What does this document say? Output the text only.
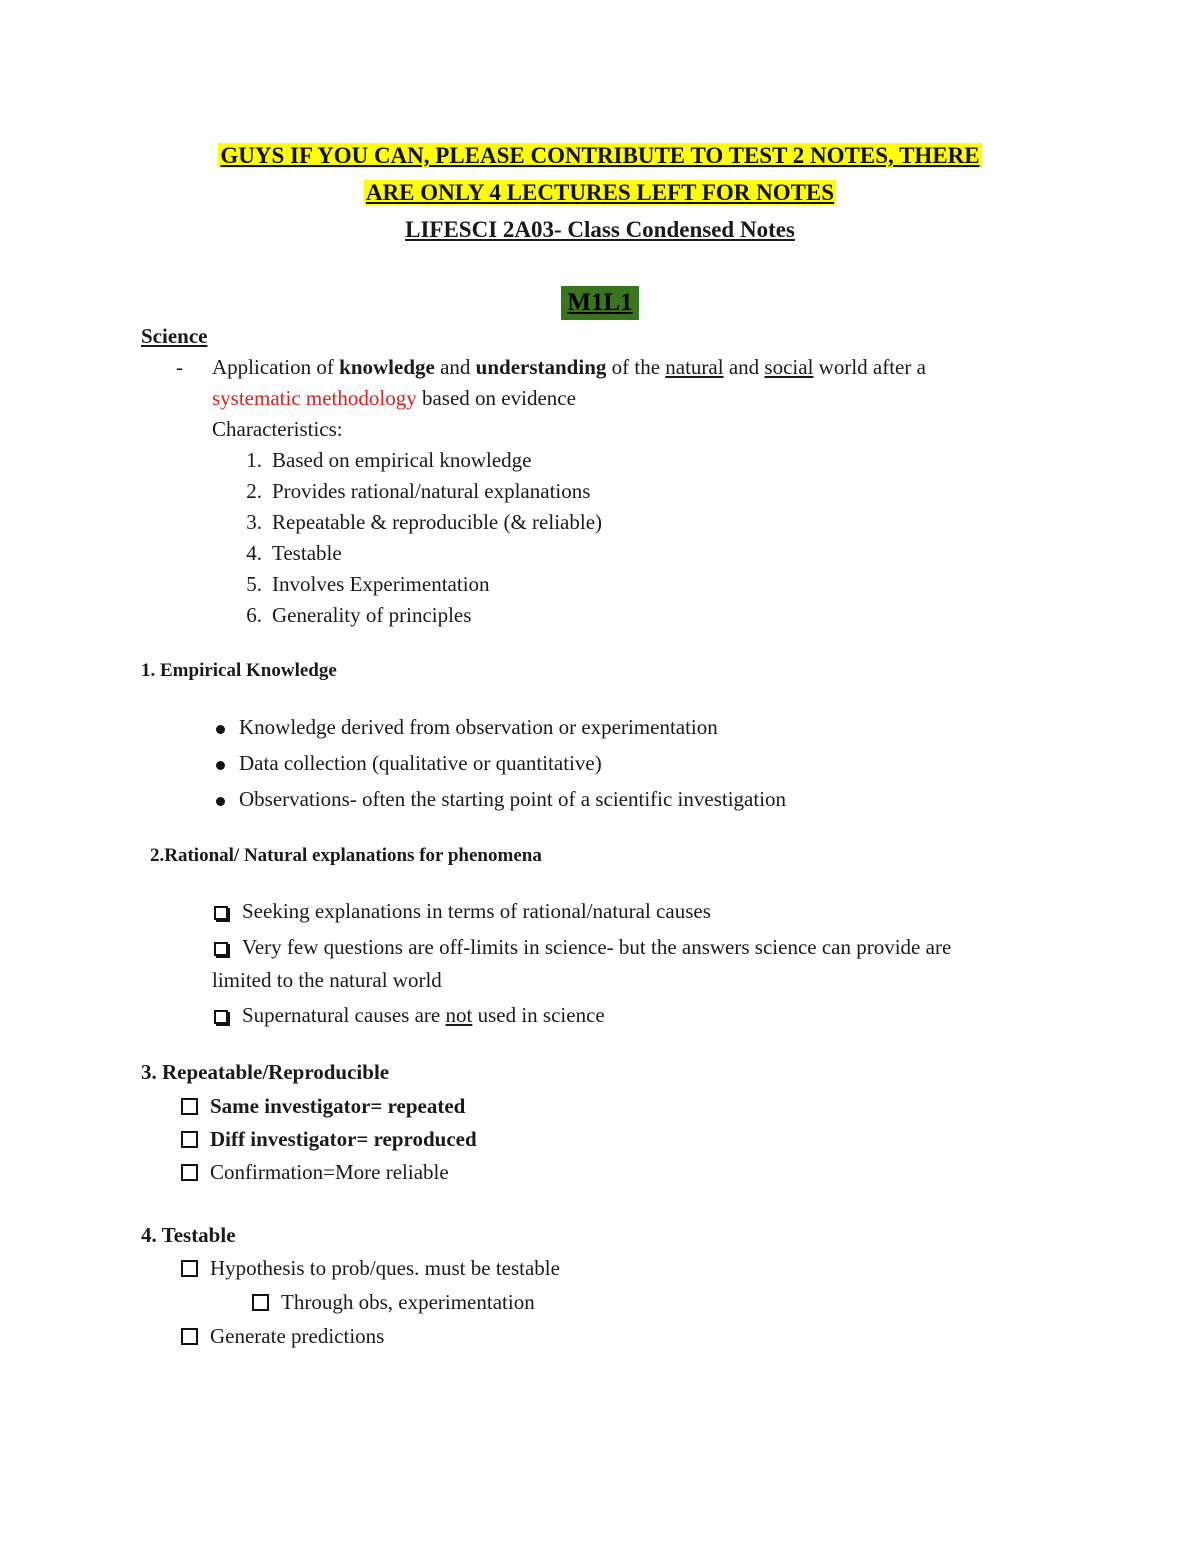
GUYS IF YOU CAN, PLEASE CONTRIBUTE TO TEST 2 NOTES, THERE
ARE ONLY 4 LECTURES LEFT FOR NOTES
LIFESCI 2A03- Class Condensed Notes
M1L1
Science
- Application of knowledge and understanding of the natural and social world after a
systematic methodology based on evidence
Characteristics:
1. Based on empirical knowledge
2. Provides rational/natural explanations
3. Repeatable & reproducible (& reliable)
4. Testable
5. Involves Experimentation
6. Generality of principles
1. Empirical Knowledge
Knowledge derived from observation or experimentation
Data collection (qualitative or quantitative)
Observations- often the starting point of a scientific investigation
2.Rational/ Natural explanations for phenomena
Seeking explanations in terms of rational/natural causes
Very few questions are off-limits in science- but the answers science can provide are
limited to the natural world
Supernatural causes are not used in science
3. Repeatable/Reproducible
Same investigator= repeated
Diff investigator= reproduced
Confirmation=More reliable
4. Testable
Hypothesis to prob/ques. must be testable
Through obs, experimentation
Generate predictions
